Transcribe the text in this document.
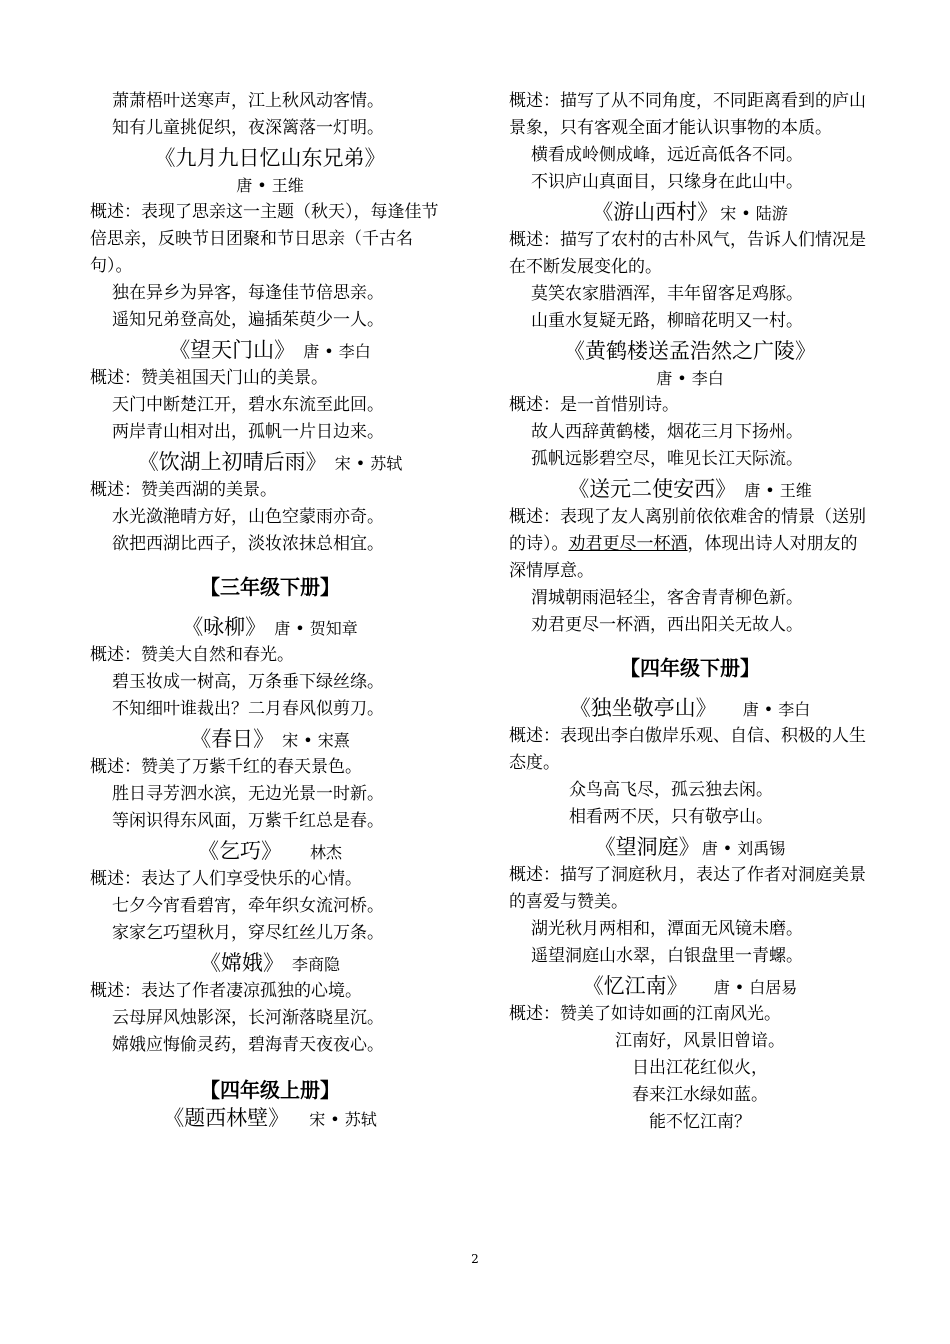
萧萧梧叶送寒声，江上秋风动客情。
知有儿童挑促织，夜深篱落一灯明。
《九月九日忆山东兄弟》
唐 • 王维
概述：表现了思亲这一主题（秋天），每逢佳节倍思亲，反映节日团聚和节日思亲（千古名句）。
独在异乡为异客，每逢佳节倍思亲。
遥知兄弟登高处，遍插茱萸少一人。
《望天门山》 唐 • 李白
概述：赞美祖国天门山的美景。
天门中断楚江开，碧水东流至此回。
两岸青山相对出，孤帆一片日边来。
《饮湖上初晴后雨》 宋 • 苏轼
概述：赞美西湖的美景。
水光潋滟晴方好，山色空蒙雨亦奇。
欲把西湖比西子，淡妆浓抹总相宜。
【三年级下册】
《咏柳》 唐 • 贺知章
概述：赞美大自然和春光。
碧玉妆成一树高，万条垂下绿丝绦。
不知细叶谁裁出？二月春风似剪刀。
《春日》 宋 • 宋熹
概述：赞美了万紫千红的春天景色。
胜日寻芳泗水滨，无边光景一时新。
等闲识得东风面，万紫千红总是春。
《乞巧》 林杰
概述：表达了人们享受快乐的心情。
七夕今宵看碧宵，牵年织女流河桥。
家家乞巧望秋月，穿尽红丝儿万条。
《嫦娥》 李商隐
概述：表达了作者凄凉孤独的心境。
云母屏风烛影深，长河渐落晓星沉。
嫦娥应悔偷灵药，碧海青天夜夜心。
【四年级上册】
《题西林壁》 宋 • 苏轼
概述：描写了从不同角度，不同距离看到的庐山景象，只有客观全面才能认识事物的本质。
横看成岭侧成峰，远近高低各不同。
不识庐山真面目，只缘身在此山中。
《游山西村》 宋 • 陆游
概述：描写了农村的古朴风气，告诉人们情况是在不断发展变化的。
莫笑农家腊酒浑，丰年留客足鸡豚。
山重水复疑无路，柳暗花明又一村。
《黄鹤楼送孟浩然之广陵》
唐 • 李白
概述：是一首惜别诗。
故人西辞黄鹤楼，烟花三月下扬州。
孤帆远影碧空尽，唯见长江天际流。
《送元二使安西》 唐 • 王维
概述：表现了友人离别前依依难舍的情景（送别的诗）。劝君更尽一杯酒，体现出诗人对朋友的深情厚意。
渭城朝雨浥轻尘，客舍青青柳色新。
劝君更尽一杯酒，西出阳关无故人。
【四年级下册】
《独坐敬亭山》 唐 • 李白
概述：表现出李白傲岸乐观、自信、积极的人生态度。
众鸟高飞尽，孤云独去闲。
相看两不厌，只有敬亭山。
《望洞庭》 唐 • 刘禹锡
概述：描写了洞庭秋月，表达了作者对洞庭美景的喜爱与赞美。
湖光秋月两相和，潭面无风镜未磨。
遥望洞庭山水翠，白银盘里一青螺。
《忆江南》 唐 • 白居易
概述：赞美了如诗如画的江南风光。
江南好，风景旧曾谙。
日出江花红似火，
春来江水绿如蓝。
能不忆江南？
2
